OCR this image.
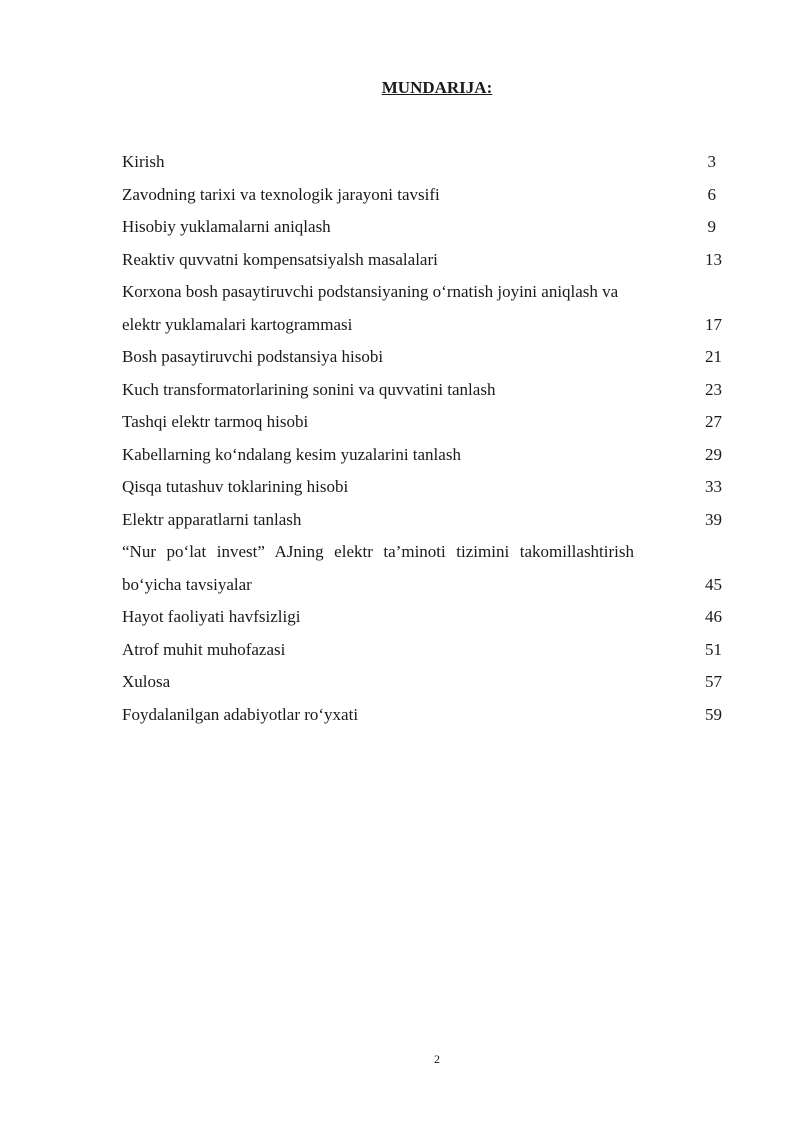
MUNDARIJA:
Kirish	3
Zavodning tarixi va texnologik jarayoni tavsifi	6
Hisobiy yuklamalarni aniqlash	9
Reaktiv quvvatni kompensatsiyalsh masalalari	13
Korxona bosh pasaytiruvchi podstansiyaning o‘rnatish joyini aniqlash va
elektr yuklamalari kartogrammasi	17
Bosh pasaytiruvchi podstansiya hisobi	21
Kuch transformatorlarining sonini va quvvatini tanlash	23
Tashqi elektr tarmoq hisobi	27
Kabellarning ko‘ndalang kesim yuzalarini tanlash	29
Qisqa tutashuv toklarining hisobi	33
Elektr apparatlarni tanlash	39
“Nur po‘lat invest” AJning elektr ta’minoti tizimini takomillashtirish
bo‘yicha tavsiyalar	45
Hayot faoliyati havfsizligi	46
Atrof muhit muhofazasi	51
Xulosa	57
Foydalanilgan adabiyotlar ro‘yxati	59
2
